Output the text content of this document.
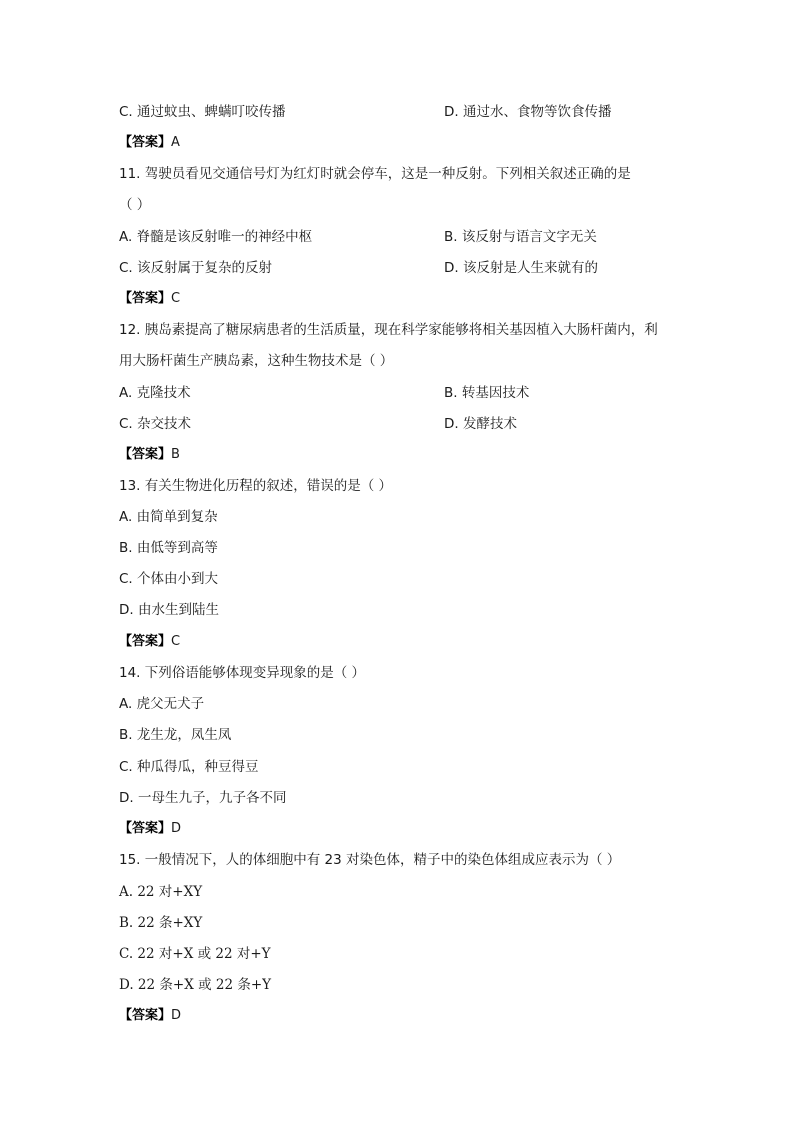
C. 通过蚊虫、蜱螨叮咬传播	D. 通过水、食物等饮食传播
【答案】A
11. 驾驶员看见交通信号灯为红灯时就会停车，这是一种反射。下列相关叙述正确的是
（ ）
A. 脊髓是该反射唯一的神经中枢	B. 该反射与语言文字无关
C. 该反射属于复杂的反射	D. 该反射是人生来就有的
【答案】C
12. 胰岛素提高了糖尿病患者的生活质量，现在科学家能够将相关基因植入大肠杆菌内，利
用大肠杆菌生产胰岛素，这种生物技术是（ ）
A. 克隆技术	B. 转基因技术
C. 杂交技术	D. 发酵技术
【答案】B
13. 有关生物进化历程的叙述，错误的是（ ）
A. 由简单到复杂
B. 由低等到高等
C. 个体由小到大
D. 由水生到陆生
【答案】C
14. 下列俗语能够体现变异现象的是（ ）
A. 虎父无犬子
B. 龙生龙，凤生凤
C. 种瓜得瓜，种豆得豆
D. 一母生九子，九子各不同
【答案】D
15. 一般情况下，人的体细胞中有 23 对染色体，精子中的染色体组成应表示为（ ）
A. 22 对+XY
B. 22 条+XY
C. 22 对+X 或 22 对+Y
D. 22 条+X 或 22 条+Y
【答案】D
